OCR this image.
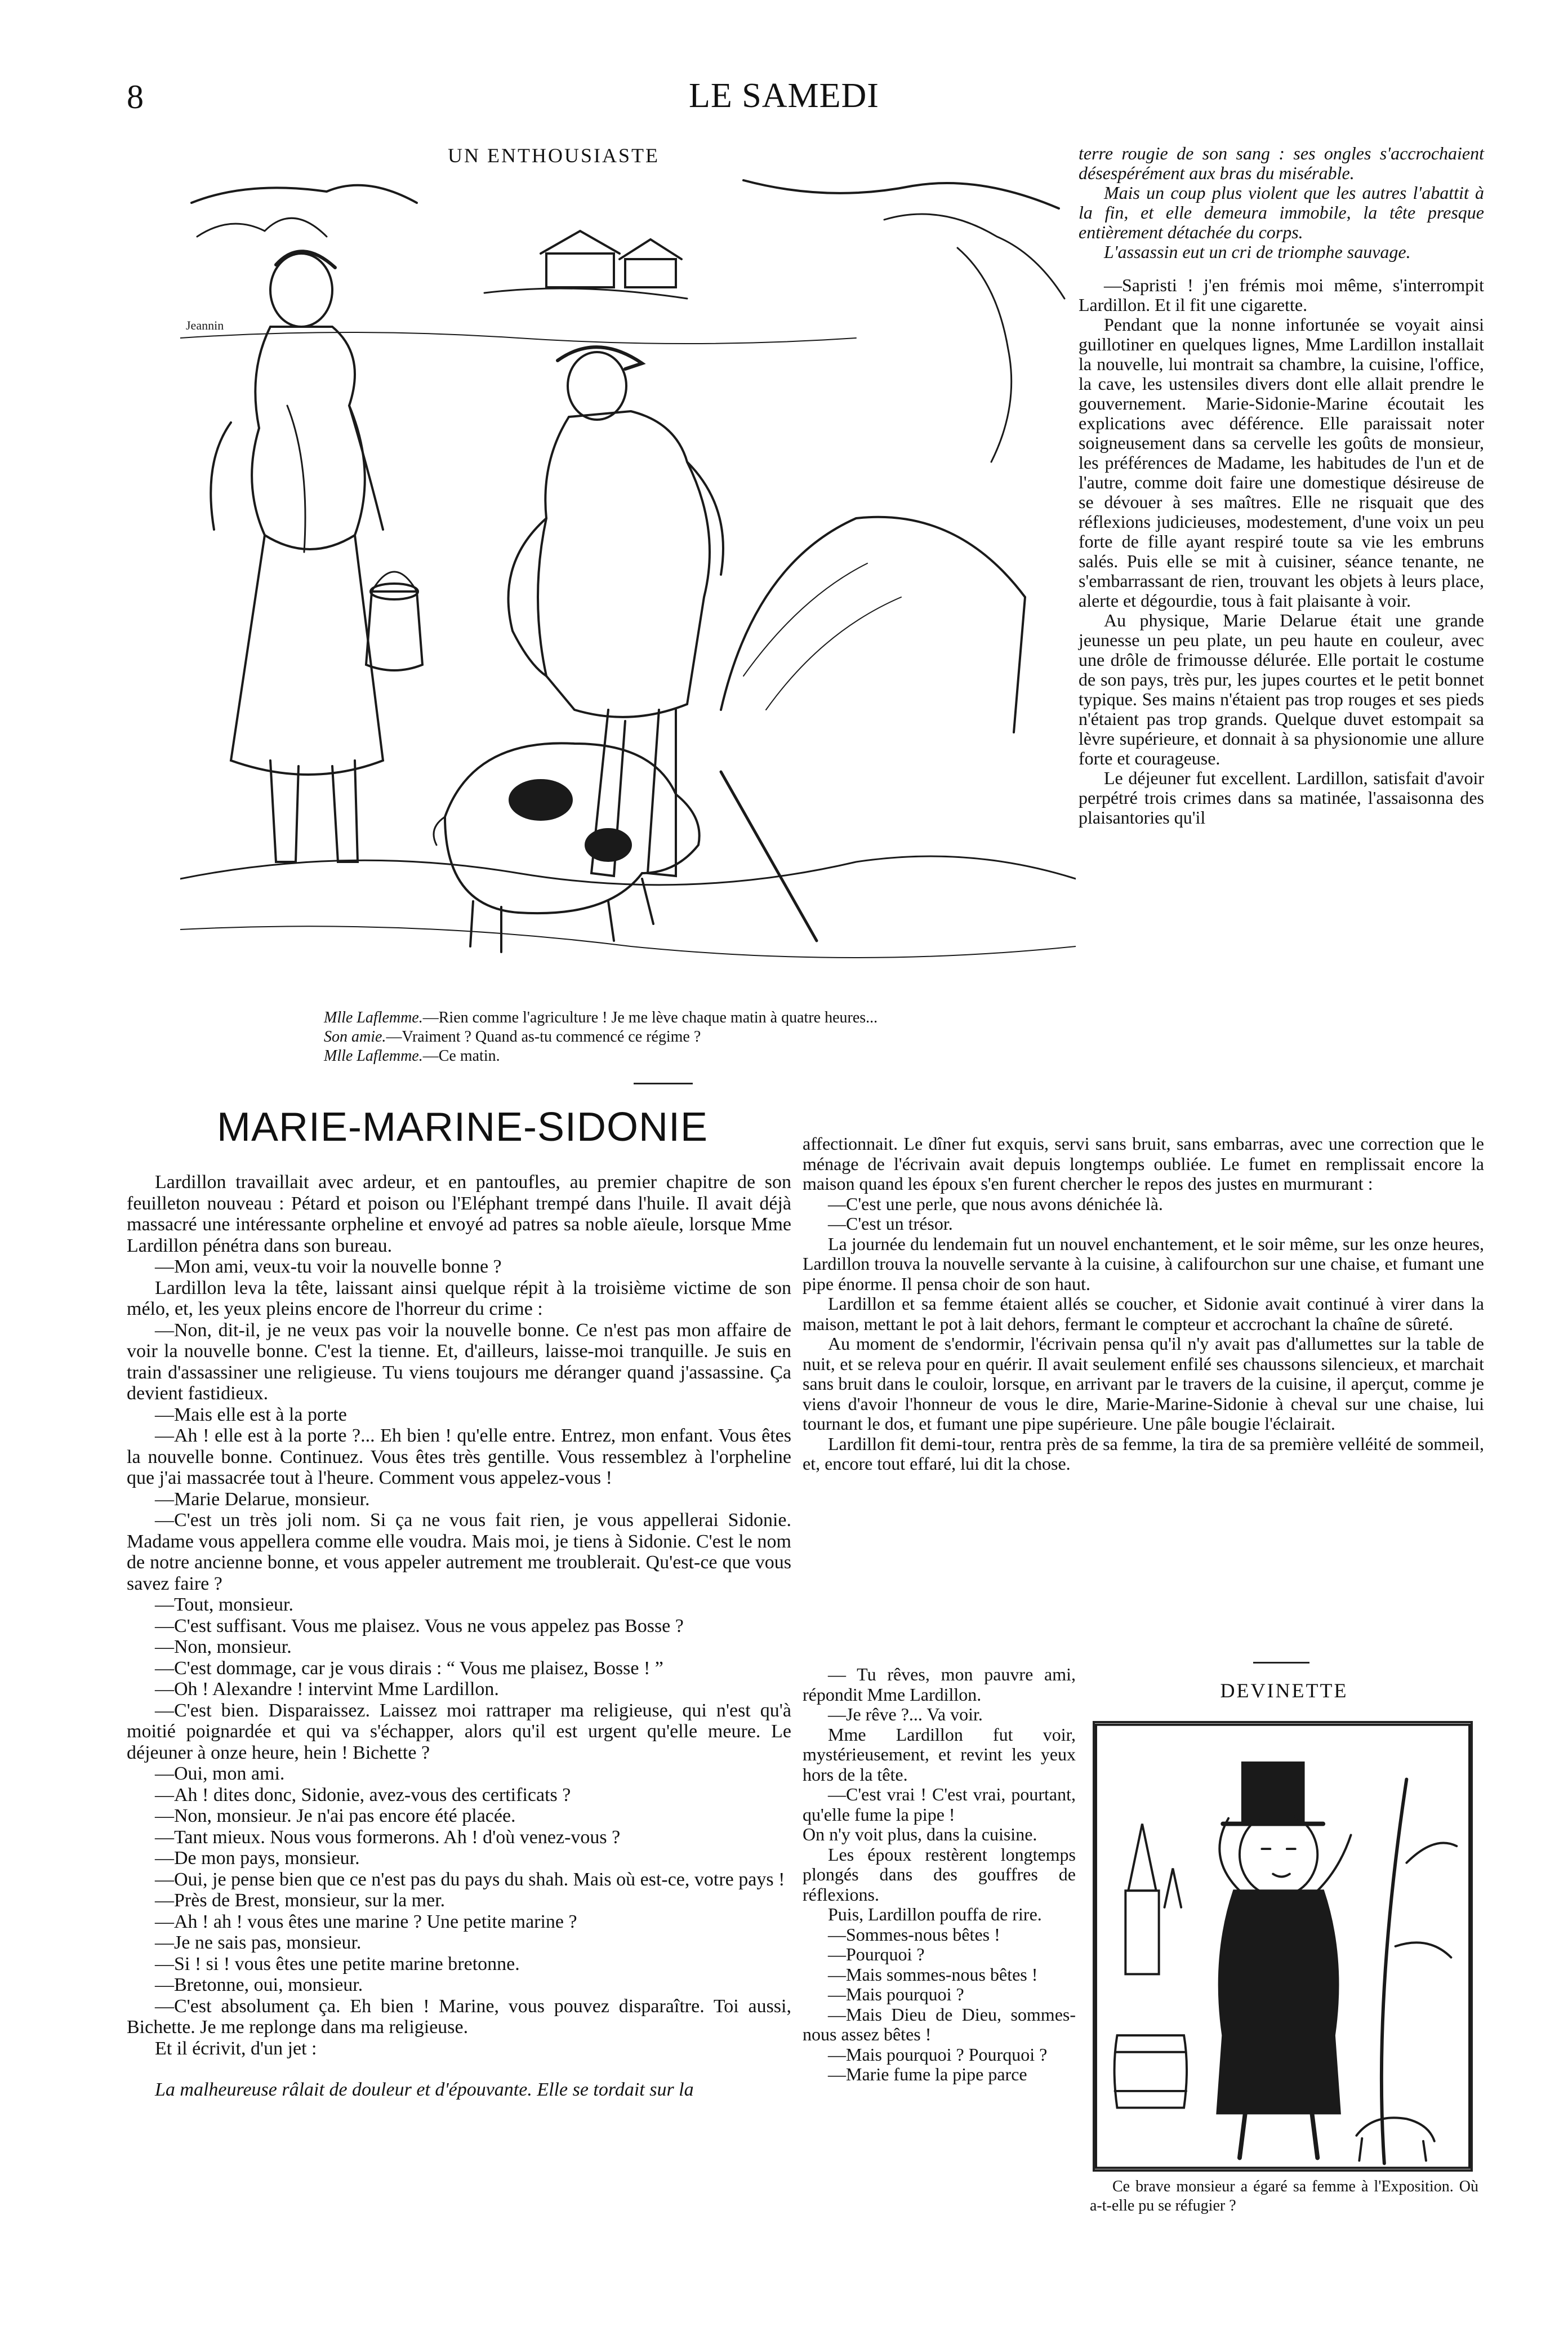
8	LE SAMEDI
UN ENTHOUSIASTE
Jeannin
Mlle Laflemme.—Rien comme l'agriculture ! Je me lève chaque matin à quatre heures...
Son amie.—Vraiment ? Quand as-tu commencé ce régime ?
Mlle Laflemme.—Ce matin.
MARIE-MARINE-SIDONIE

Lardillon travaillait avec ardeur, et en pantoufles, au premier chapitre de son feuilleton nouveau : Pétard et poison ou l'Eléphant trempé dans l'huile. Il avait déjà massacré une intéressante orpheline et envoyé ad patres sa noble aïeule, lorsque Mme Lardillon pénétra dans son bureau.

—Mon ami, veux-tu voir la nouvelle bonne ?

Lardillon leva la tête, laissant ainsi quelque répit à la troisième victime de son mélo, et, les yeux pleins encore de l'horreur du crime :

—Non, dit-il, je ne veux pas voir la nouvelle bonne. Ce n'est pas mon affaire de voir la nouvelle bonne. C'est la tienne. Et, d'ailleurs, laisse-moi tranquille. Je suis en train d'assassiner une religieuse. Tu viens toujours me déranger quand j'assassine. Ça devient fastidieux.

—Mais elle est à la porte

—Ah ! elle est à la porte ?... Eh bien ! qu'elle entre. Entrez, mon enfant. Vous êtes la nouvelle bonne. Continuez. Vous êtes très gentille. Vous ressemblez à l'orpheline que j'ai massacrée tout à l'heure. Comment vous appelez-vous !

—Marie Delarue, monsieur.

—C'est un très joli nom. Si ça ne vous fait rien, je vous appellerai Sidonie. Madame vous appellera comme elle voudra. Mais moi, je tiens à Sidonie. C'est le nom de notre ancienne bonne, et vous appeler autrement me troublerait. Qu'est-ce que vous savez faire ?

—Tout, monsieur.

—C'est suffisant. Vous me plaisez. Vous ne vous appelez pas Bosse ?

—Non, monsieur.

—C'est dommage, car je vous dirais : “ Vous me plaisez, Bosse ! ”

—Oh ! Alexandre ! intervint Mme Lardillon.

—C'est bien. Disparaissez. Laissez moi rattraper ma religieuse, qui n'est qu'à moitié poignardée et qui va s'échapper, alors qu'il est urgent qu'elle meure. Le déjeuner à onze heure, hein ! Bichette ?

—Oui, mon ami.

—Ah ! dites donc, Sidonie, avez-vous des certificats ?

—Non, monsieur. Je n'ai pas encore été placée.

—Tant mieux. Nous vous formerons. Ah ! d'où venez-vous ?

—De mon pays, monsieur.

—Oui, je pense bien que ce n'est pas du pays du shah. Mais où est-ce, votre pays !

—Près de Brest, monsieur, sur la mer.

—Ah ! ah ! vous êtes une marine ? Une petite marine ?

—Je ne sais pas, monsieur.

—Si ! si ! vous êtes une petite marine bretonne.

—Bretonne, oui, monsieur.

—C'est absolument ça. Eh bien ! Marine, vous pouvez disparaître. Toi aussi, Bichette. Je me replonge dans ma religieuse.

Et il écrivit, d'un jet :

La malheureuse râlait de douleur et d'épouvante. Elle se tordait sur la

terre rougie de son sang : ses ongles s'accrochaient désespérément aux bras du misérable.

Mais un coup plus violent que les autres l'abattit à la fin, et elle demeura immobile, la tête presque entièrement détachée du corps.

L'assassin eut un cri de triomphe sauvage.

—Sapristi ! j'en frémis moi même, s'interrompit Lardillon. Et il fit une cigarette.

Pendant que la nonne infortunée se voyait ainsi guillotiner en quelques lignes, Mme Lardillon installait la nouvelle, lui montrait sa chambre, la cuisine, l'office, la cave, les ustensiles divers dont elle allait prendre le gouvernement. Marie-Sidonie-Marine écoutait les explications avec déférence. Elle paraissait noter soigneusement dans sa cervelle les goûts de monsieur, les préférences de Madame, les habitudes de l'un et de l'autre, comme doit faire une domestique désireuse de se dévouer à ses maîtres. Elle ne risquait que des réflexions judicieuses, modestement, d'une voix un peu forte de fille ayant respiré toute sa vie les embruns salés. Puis elle se mit à cuisiner, séance tenante, ne s'embarrassant de rien, trouvant les objets à leurs place, alerte et dégourdie, tous à fait plaisante à voir.

Au physique, Marie Delarue était une grande jeunesse un peu plate, un peu haute en couleur, avec une drôle de frimousse délurée. Elle portait le costume de son pays, très pur, les jupes courtes et le petit bonnet typique. Ses mains n'étaient pas trop rouges et ses pieds n'étaient pas trop grands. Quelque duvet estompait sa lèvre supérieure, et donnait à sa physionomie une allure forte et courageuse.

Le déjeuner fut excellent. Lardillon, satisfait d'avoir perpétré trois crimes dans sa matinée, l'assaisonna des plaisantories qu'il

affectionnait. Le dîner fut exquis, servi sans bruit, sans embarras, avec une correction que le ménage de l'écrivain avait depuis longtemps oubliée. Le fumet en remplissait encore la maison quand les époux s'en furent chercher le repos des justes en murmurant :

—C'est une perle, que nous avons dénichée là.

—C'est un trésor.

La journée du lendemain fut un nouvel enchantement, et le soir même, sur les onze heures, Lardillon trouva la nouvelle servante à la cuisine, à califourchon sur une chaise, et fumant une pipe énorme. Il pensa choir de son haut.

Lardillon et sa femme étaient allés se coucher, et Sidonie avait continué à virer dans la maison, mettant le pot à lait dehors, fermant le compteur et accrochant la chaîne de sûreté.

Au moment de s'endormir, l'écrivain pensa qu'il n'y avait pas d'allumettes sur la table de nuit, et se releva pour en quérir. Il avait seulement enfilé ses chaussons silencieux, et marchait sans bruit dans le couloir, lorsque, en arrivant par le travers de la cuisine, il aperçut, comme je viens d'avoir l'honneur de vous le dire, Marie-Marine-Sidonie à cheval sur une chaise, lui tournant le dos, et fumant une pipe supérieure. Une pâle bougie l'éclairait.

Lardillon fit demi-tour, rentra près de sa femme, la tira de sa première velléité de sommeil, et, encore tout effaré, lui dit la chose.

— Tu rêves, mon pauvre ami, répondit Mme Lardillon.

—Je rêve ?... Va voir.

Mme Lardillon fut voir, mystérieusement, et revint les yeux hors de la tête.

—C'est vrai ! C'est vrai, pourtant, qu'elle fume la pipe !

On n'y voit plus, dans la cuisine.

Les époux restèrent longtemps plongés dans des gouffres de réflexions.

Puis, Lardillon pouffa de rire.

—Sommes-nous bêtes !

—Pourquoi ?

—Mais sommes-nous bêtes !

—Mais pourquoi ?

—Mais Dieu de Dieu, sommes-nous assez bêtes !

—Mais pourquoi ? Pourquoi ?

—Marie fume la pipe parce

DEVINETTE
Ce brave monsieur a égaré sa femme à l'Exposition. Où a-t-elle pu se réfugier ?
